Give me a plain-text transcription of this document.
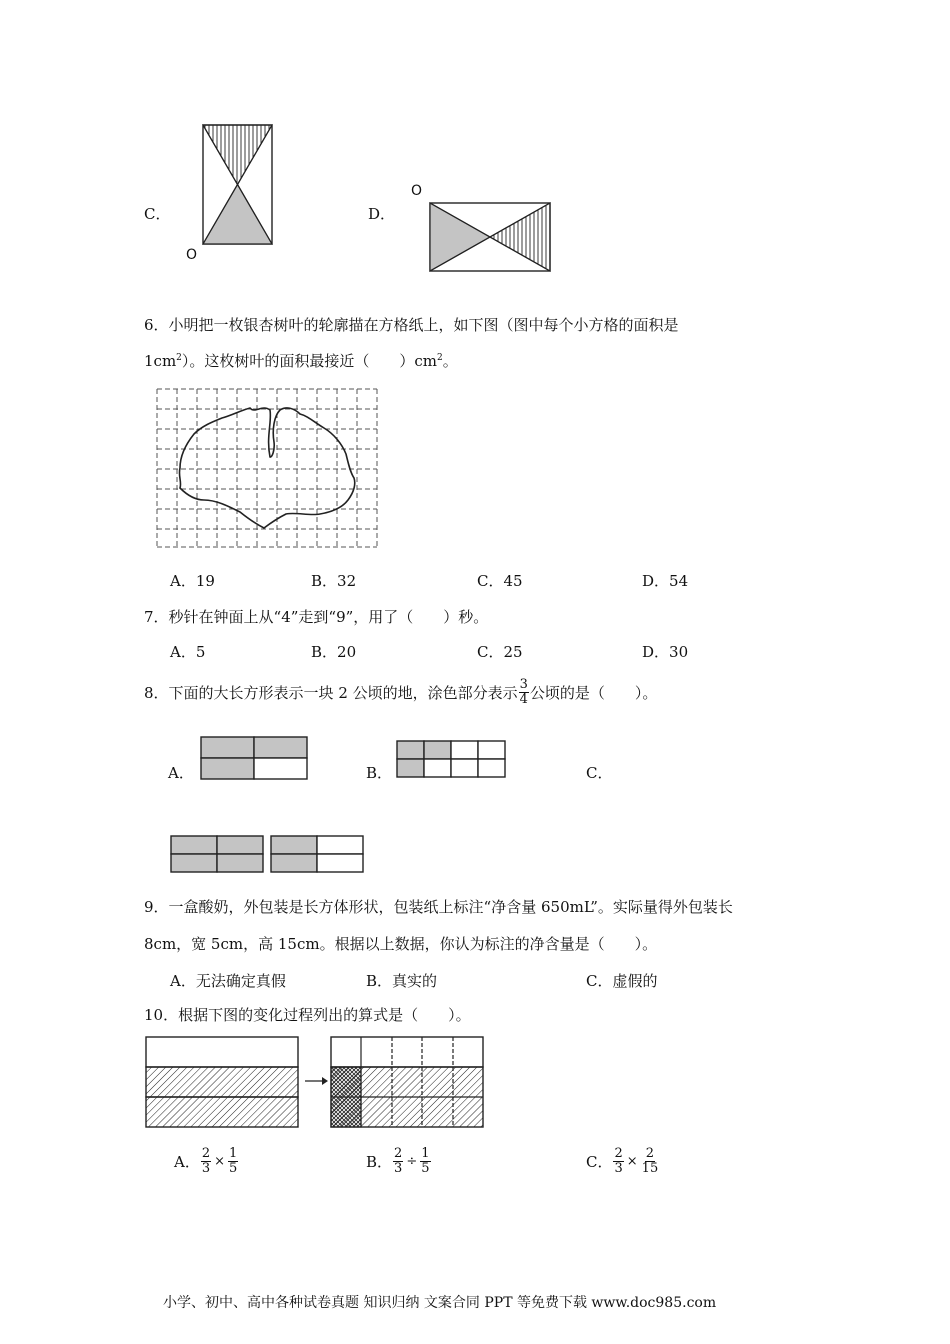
C．
O
D．
O
6．小明把一枚银杏树叶的轮廓描在方格纸上，如下图（图中每个小方格的面积是
$1cm^2$）。这枚树叶的面积最接近（　　）$cm^2$。
A．19	B．32	C．45	D．54
7．秒针在钟面上从“4”走到“9”，用了（　　）秒。
A．5	B．20	C．25	D．30
8．下面的大长方形表示一块 2 公顷的地，涂色部分表示 $\frac{3}{4}$ 公顷的是（　　）。
A．	B．	C．
9．一盒酸奶，外包装是长方体形状，包装纸上标注“净含量 650mL”。实际量得外包装长
8cm，宽 5cm，高 15cm。根据以上数据，你认为标注的净含量是（　　）。
A．无法确定真假	B．真实的	C．虚假的
10．根据下图的变化过程列出的算式是（　　）。
A． $\frac{2}{3} \times \frac{1}{5}$	B． $\frac{2}{3} \div \frac{1}{5}$	C． $\frac{2}{3} \times \frac{2}{15}$
小学、初中、高中各种试卷真题 知识归纳 文案合同 PPT 等免费下载 www.doc985.com
